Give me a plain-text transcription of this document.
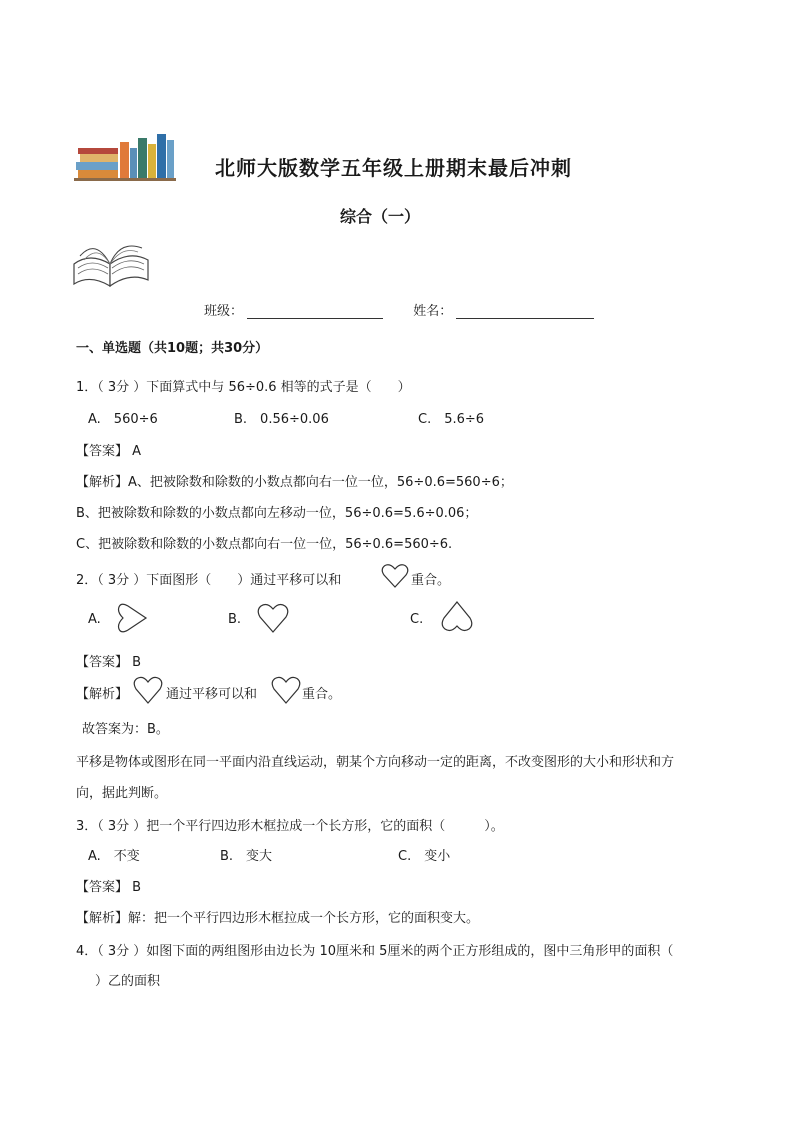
北师大版数学五年级上册期末最后冲刺
综合（一）
班级：	姓名：
一、单选题（共10题；共30分）
1．（ 3分 ）下面算式中与 56÷0.6 相等的式子是（　　）
A.　560÷6	B.　0.56÷0.06	C.　5.6÷6
【答案】 A
【解析】A、把被除数和除数的小数点都向右一位一位，56÷0.6=560÷6；
B、把被除数和除数的小数点都向左移动一位，56÷0.6=5.6÷0.06；
C、把被除数和除数的小数点都向右一位一位，56÷0.6=560÷6.
2．（ 3分 ）下面图形（　　）通过平移可以和	重合。
A.	B.	C.
【答案】 B
【解析】	通过平移可以和	重合。
故答案为：B。
平移是物体或图形在同一平面内沿直线运动，朝某个方向移动一定的距离，不改变图形的大小和形状和方
向，据此判断。
3．（ 3分 ）把一个平行四边形木框拉成一个长方形，它的面积（　　　）。
A.　不变	B.　变大	C.　变小
【答案】 B
【解析】解：把一个平行四边形木框拉成一个长方形，它的面积变大。
4．（ 3分 ）如图下面的两组图形由边长为 10厘米和 5厘米的两个正方形组成的，图中三角形甲的面积（
　）乙的面积
